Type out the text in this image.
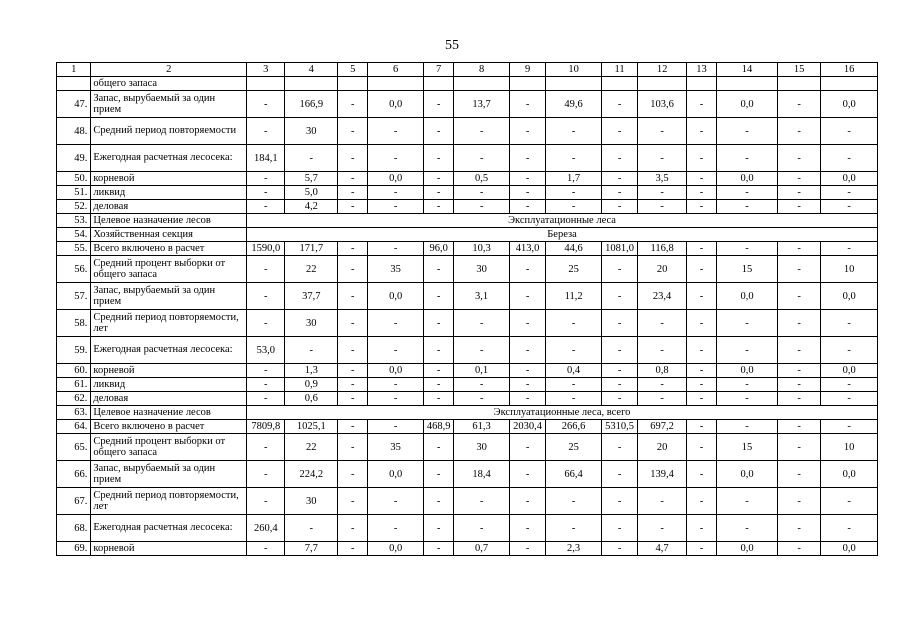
55
1	2	3	4	5	6	7	8	9	10	11	12	13	14	15	16
	общего запаса														
47.	Запас, вырубаемый за один прием	-	166,9	-	0,0	-	13,7	-	49,6	-	103,6	-	0,0	-	0,0
48.	Средний период повторяемости	-	30	-	-	-	-	-	-	-	-	-	-	-	-
49.	Ежегодная расчетная лесосека:	184,1	-	-	-	-	-	-	-	-	-	-	-	-	-
50.	корневой	-	5,7	-	0,0	-	0,5	-	1,7	-	3,5	-	0,0	-	0,0
51.	ликвид	-	5,0	-	-	-	-	-	-	-	-	-	-	-	-
52.	деловая	-	4,2	-	-	-	-	-	-	-	-	-	-	-	-
53.	Целевое назначение лесов	Эксплуатационные леса													
54.	Хозяйственная секция	Береза													
55.	Всего включено в расчет	1590,0	171,7	-	-	96,0	10,3	413,0	44,6	1081,0	116,8	-	-	-	-
56.	Средний процент выборки от общего запаса	-	22	-	35	-	30	-	25	-	20	-	15	-	10
57.	Запас, вырубаемый за один прием	-	37,7	-	0,0	-	3,1	-	11,2	-	23,4	-	0,0	-	0,0
58.	Средний период повторяемости, лет	-	30	-	-	-	-	-	-	-	-	-	-	-	-
59.	Ежегодная расчетная лесосека:	53,0	-	-	-	-	-	-	-	-	-	-	-	-	-
60.	корневой	-	1,3	-	0,0	-	0,1	-	0,4	-	0,8	-	0,0	-	0,0
61.	ликвид	-	0,9	-	-	-	-	-	-	-	-	-	-	-	-
62.	деловая	-	0,6	-	-	-	-	-	-	-	-	-	-	-	-
63.	Целевое назначение лесов	Эксплуатационные леса, всего													
64.	Всего включено в расчет	7809,8	1025,1	-	-	468,9	61,3	2030,4	266,6	5310,5	697,2	-	-	-	-
65.	Средний процент выборки от общего запаса	-	22	-	35	-	30	-	25	-	20	-	15	-	10
66.	Запас, вырубаемый за один прием	-	224,2	-	0,0	-	18,4	-	66,4	-	139,4	-	0,0	-	0,0
67.	Средний период повторяемости, лет	-	30	-	-	-	-	-	-	-	-	-	-	-	-
68.	Ежегодная расчетная лесосека:	260,4	-	-	-	-	-	-	-	-	-	-	-	-	-
69.	корневой	-	7,7	-	0,0	-	0,7	-	2,3	-	4,7	-	0,0	-	0,0
